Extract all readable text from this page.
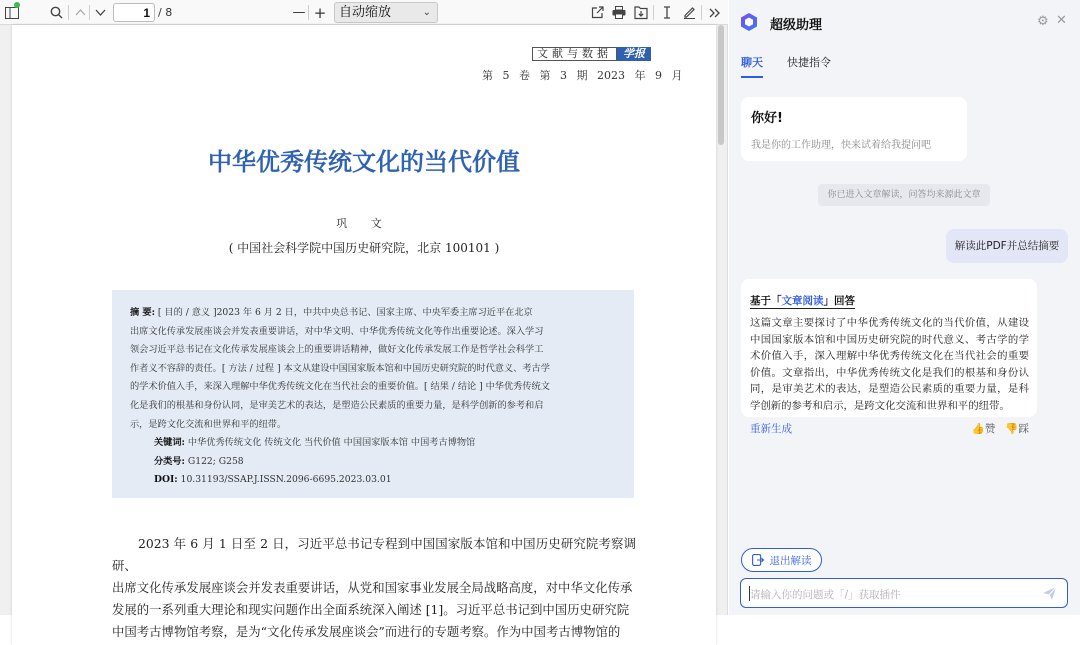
1
/ 8	— + 自动缩放	⌄
文献与数据	学报
第 5 卷 第 3 期 2023 年 9 月
中华优秀传统文化的当代价值
巩 文
( 中国社会科学院中国历史研究院，北京 100101 )
摘 要: [ 目的 / 意义 ]2023 年 6 月 2 日，中共中央总书记、国家主席、中央军委主席习近平在北京
出席文化传承发展座谈会并发表重要讲话，对中华文明、中华优秀传统文化等作出重要论述。深入学习
领会习近平总书记在文化传承发展座谈会上的重要讲话精神，做好文化传承发展工作是哲学社会科学工
作者义不容辞的责任。[ 方法 / 过程 ] 本文从建设中国国家版本馆和中国历史研究院的时代意义、考古学
的学术价值入手，来深入理解中华优秀传统文化在当代社会的重要价值。[ 结果 / 结论 ] 中华优秀传统文
化是我们的根基和身份认同，是审美艺术的表达，是塑造公民素质的重要力量，是科学创新的参考和启
示，是跨文化交流和世界和平的纽带。
关键词: 中华优秀传统文化 传统文化 当代价值 中国国家版本馆 中国考古博物馆
分类号: G122; G258
DOI: 10.31193/SSAP.J.ISSN.2096-6695.2023.03.01

2023 年 6 月 1 日至 2 日，习近平总书记专程到中国国家版本馆和中国历史研究院考察调研、

出席文化传承发展座谈会并发表重要讲话，从党和国家事业发展全局战略高度，对中华文化传承
发展的一系列重大理论和现实问题作出全面系统深入阐述 [1]。习近平总书记到中国历史研究院
中国考古博物馆考察，是为“文化传承发展座谈会”而进行的专题考察。作为中国考古博物馆的
超级助理	⚙ ✕
聊天 快捷指令
你好!
我是你的工作助理，快来试着给我提问吧
你已进入文章解读，问答均来源此文章
解读此PDF并总结摘要
基于「文章阅读」回答
这篇文章主要探讨了中华优秀传统文化的当代价值，从建设中国国家版本馆和中国历史研究院的时代意义、考古学的学术价值入手，深入理解中华优秀传统文化在当代社会的重要价值。文章指出，中华优秀传统文化是我们的根基和身份认同，是审美艺术的表达，是塑造公民素质的重要力量，是科学创新的参考和启示，是跨文化交流和世界和平的纽带。
重新生成	👍赞 👎踩
退出解读
请输入你的问题或「/」获取插件
